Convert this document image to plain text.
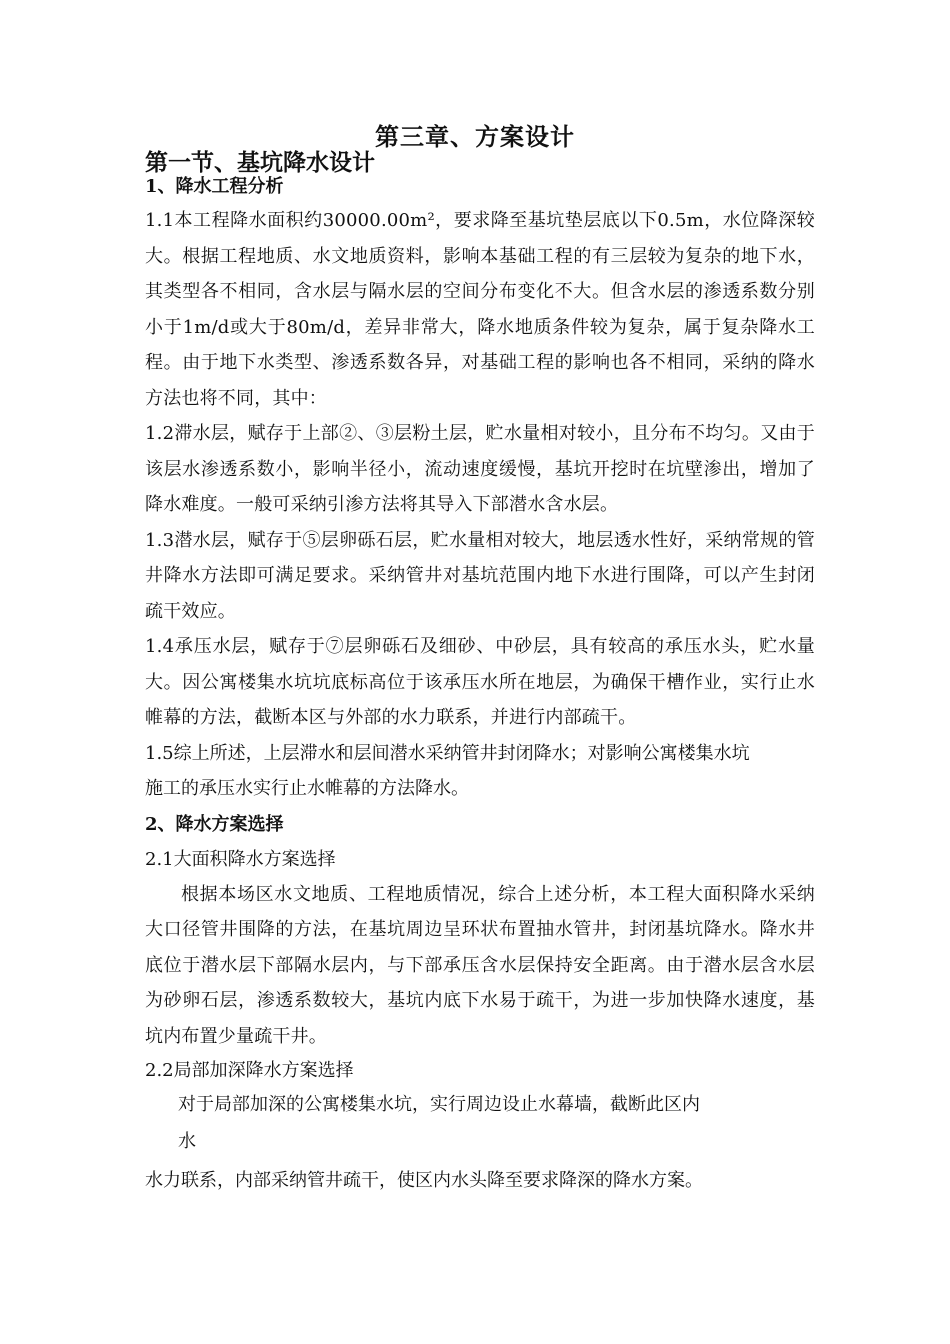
第三章、方案设计
第一节、基坑降水设计
1、降水工程分析

1.1本工程降水面积约30000.00m²，要求降至基坑垫层底以下0.5m，水位降深较大。根据工程地质、水文地质资料，影响本基础工程的有三层较为复杂的地下水，其类型各不相同，含水层与隔水层的空间分布变化不大。但含水层的渗透系数分别小于1m/d或大于80m/d，差异非常大，降水地质条件较为复杂，属于复杂降水工程。由于地下水类型、渗透系数各异，对基础工程的影响也各不相同，采纳的降水方法也将不同，其中：

1.2滞水层，赋存于上部②、③层粉土层，贮水量相对较小，且分布不均匀。又由于该层水渗透系数小，影响半径小，流动速度缓慢，基坑开挖时在坑壁渗出，增加了降水难度。一般可采纳引渗方法将其导入下部潜水含水层。

1.3潜水层，赋存于⑤层卵砾石层，贮水量相对较大，地层透水性好，采纳常规的管井降水方法即可满足要求。采纳管井对基坑范围内地下水进行围降，可以产生封闭疏干效应。

1.4承压水层，赋存于⑦层卵砾石及细砂、中砂层，具有较高的承压水头，贮水量大。因公寓楼集水坑坑底标高位于该承压水所在地层，为确保干槽作业，实行止水帷幕的方法，截断本区与外部的水力联系，并进行内部疏干。

1.5综上所述，上层滞水和层间潜水采纳管井封闭降水；对影响公寓楼集水坑

施工的承压水实行止水帷幕的方法降水。

2、降水方案选择

2.1大面积降水方案选择

根据本场区水文地质、工程地质情况，综合上述分析，本工程大面积降水采纳大口径管井围降的方法，在基坑周边呈环状布置抽水管井，封闭基坑降水。降水井底位于潜水层下部隔水层内，与下部承压含水层保持安全距离。由于潜水层含水层为砂卵石层，渗透系数较大，基坑内底下水易于疏干，为进一步加快降水速度，基坑内布置少量疏干井。

2.2局部加深降水方案选择

对于局部加深的公寓楼集水坑，实行周边设止水幕墙，截断此区内

水

水力联系，内部采纳管井疏干，使区内水头降至要求降深的降水方案。
